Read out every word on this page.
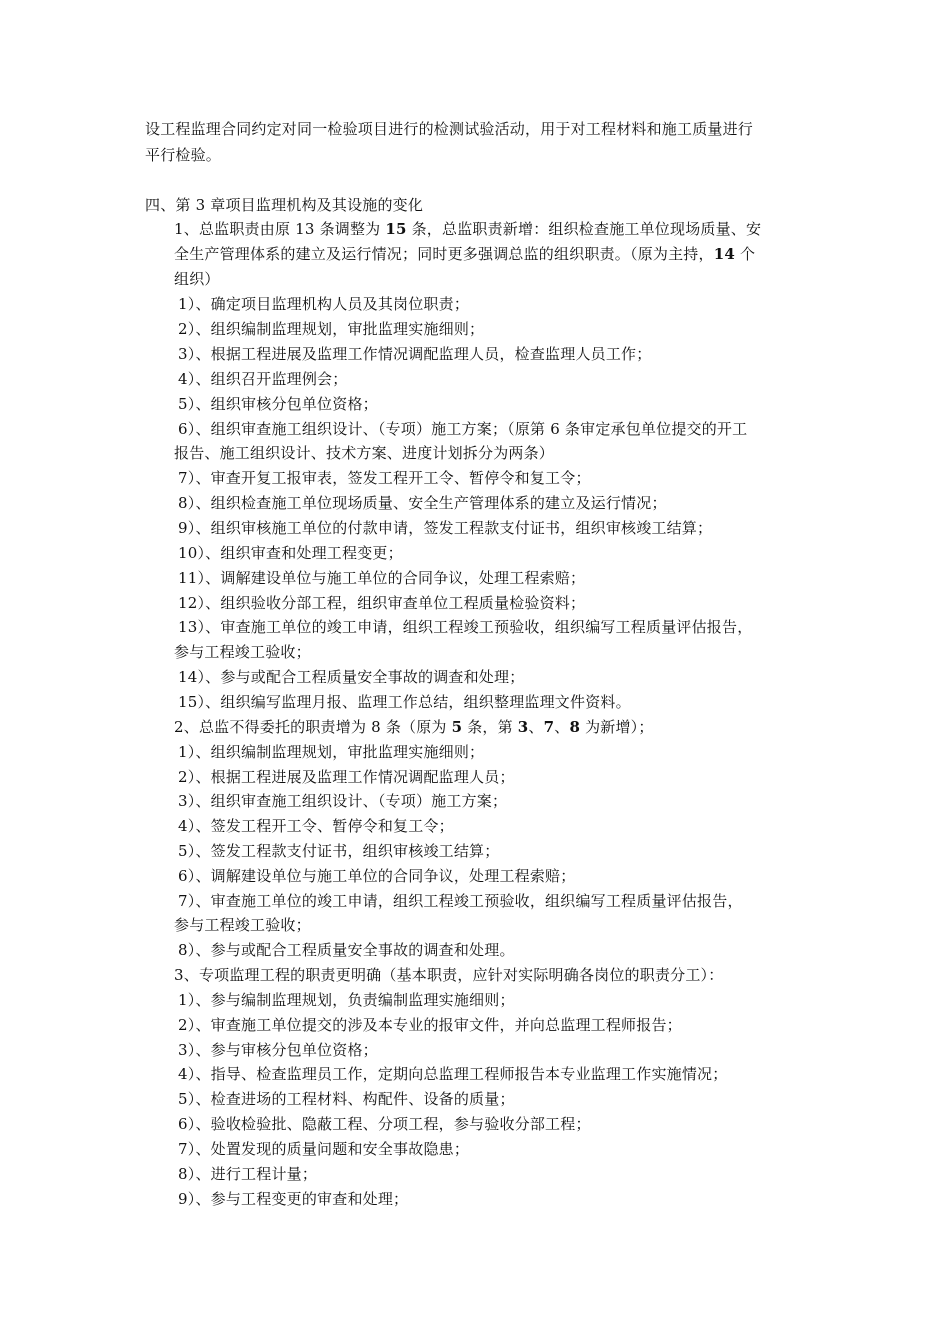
设工程监理合同约定对同一检验项目进行的检测试验活动，用于对工程材料和施工质量进行
平行检验。
四、第 3 章项目监理机构及其设施的变化
1、总监职责由原 13 条调整为 15 条，总监职责新增：组织检查施工单位现场质量、安
全生产管理体系的建立及运行情况；同时更多强调总监的组织职责。（原为主持，14 个
组织）
1）、确定项目监理机构人员及其岗位职责；
2）、组织编制监理规划，审批监理实施细则；
3）、根据工程进展及监理工作情况调配监理人员，检查监理人员工作；
4）、组织召开监理例会；
5）、组织审核分包单位资格；
6）、组织审查施工组织设计、（专项）施工方案；（原第 6 条审定承包单位提交的开工
报告、施工组织设计、技术方案、进度计划拆分为两条）
7）、审查开复工报审表，签发工程开工令、暂停令和复工令；
8）、组织检查施工单位现场质量、安全生产管理体系的建立及运行情况；
9）、组织审核施工单位的付款申请，签发工程款支付证书，组织审核竣工结算；
10）、组织审查和处理工程变更；
11）、调解建设单位与施工单位的合同争议，处理工程索赔；
12）、组织验收分部工程，组织审查单位工程质量检验资料；
13）、审查施工单位的竣工申请，组织工程竣工预验收，组织编写工程质量评估报告，
参与工程竣工验收；
14）、参与或配合工程质量安全事故的调查和处理；
15）、组织编写监理月报、监理工作总结，组织整理监理文件资料。
2、总监不得委托的职责增为 8 条（原为 5 条，第 3、7、8 为新增）；
1）、组织编制监理规划，审批监理实施细则；
2）、根据工程进展及监理工作情况调配监理人员；
3）、组织审查施工组织设计、（专项）施工方案；
4）、签发工程开工令、暂停令和复工令；
5）、签发工程款支付证书，组织审核竣工结算；
6）、调解建设单位与施工单位的合同争议，处理工程索赔；
7）、审查施工单位的竣工申请，组织工程竣工预验收，组织编写工程质量评估报告，
参与工程竣工验收；
8）、参与或配合工程质量安全事故的调查和处理。
3、专项监理工程的职责更明确（基本职责，应针对实际明确各岗位的职责分工）：
1）、参与编制监理规划，负责编制监理实施细则；
2）、审查施工单位提交的涉及本专业的报审文件，并向总监理工程师报告；
3）、参与审核分包单位资格；
4）、指导、检查监理员工作，定期向总监理工程师报告本专业监理工作实施情况；
5）、检查进场的工程材料、构配件、设备的质量；
6）、验收检验批、隐蔽工程、分项工程，参与验收分部工程；
7）、处置发现的质量问题和安全事故隐患；
8）、进行工程计量；
9）、参与工程变更的审查和处理；
